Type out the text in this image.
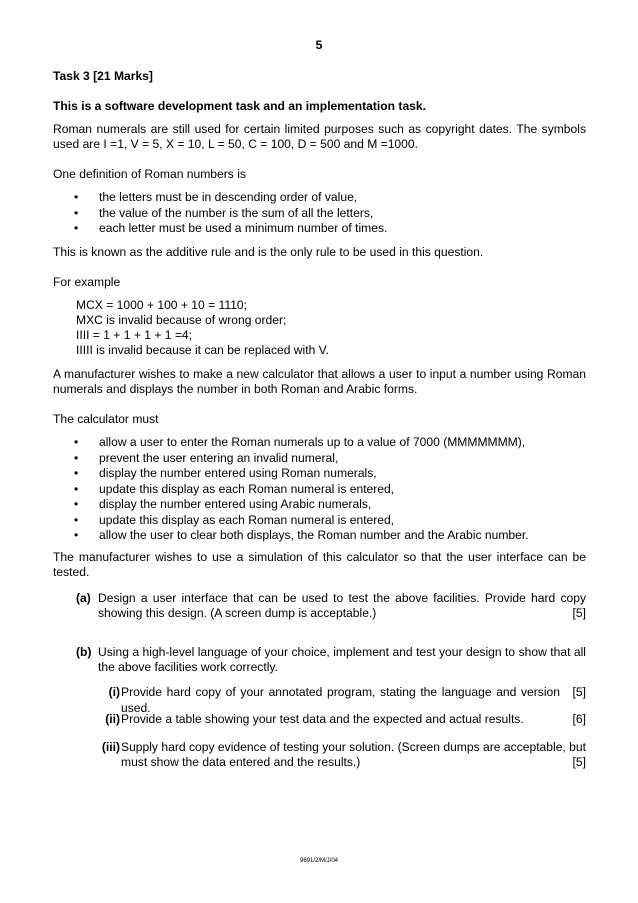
5
Task 3 [21 Marks]
This is a software development task and an implementation task.
Roman numerals are still used for certain limited purposes such as copyright dates. The symbols
used are I =1, V = 5, X = 10, L = 50, C = 100, D = 500 and M =1000.
One definition of Roman numbers is
• the letters must be in descending order of value,
• the value of the number is the sum of all the letters,
• each letter must be used a minimum number of times.
This is known as the additive rule and is the only rule to be used in this question.
For example
MCX = 1000 + 100 + 10 = 1110;
MXC is invalid because of wrong order;
IIII = 1 + 1 + 1 + 1 =4;
IIIII is invalid because it can be replaced with V.
A manufacturer wishes to make a new calculator that allows a user to input a number using Roman
numerals and displays the number in both Roman and Arabic forms.
The calculator must
• allow a user to enter the Roman numerals up to a value of 7000 (MMMMMMM),
• prevent the user entering an invalid numeral,
• display the number entered using Roman numerals,
• update this display as each Roman numeral is entered,
• display the number entered using Arabic numerals,
• update this display as each Roman numeral is entered,
• allow the user to clear both displays, the Roman number and the Arabic number.
The manufacturer wishes to use a simulation of this calculator so that the user interface can be
tested.
(a) Design a user interface that can be used to test the above facilities. Provide hard copy
showing this design. (A screen dump is acceptable.)	[5]
(b) Using a high-level language of your choice, implement and test your design to show that all
the above facilities work correctly.
(i) Provide hard copy of your annotated program, stating the language and version used.
[5]
(ii) Provide a table showing your test data and the expected and actual results.	[6]
(iii) Supply hard copy evidence of testing your solution. (Screen dumps are acceptable, but
must show the data entered and the results.)	[5]
9691/2/M/J/04
